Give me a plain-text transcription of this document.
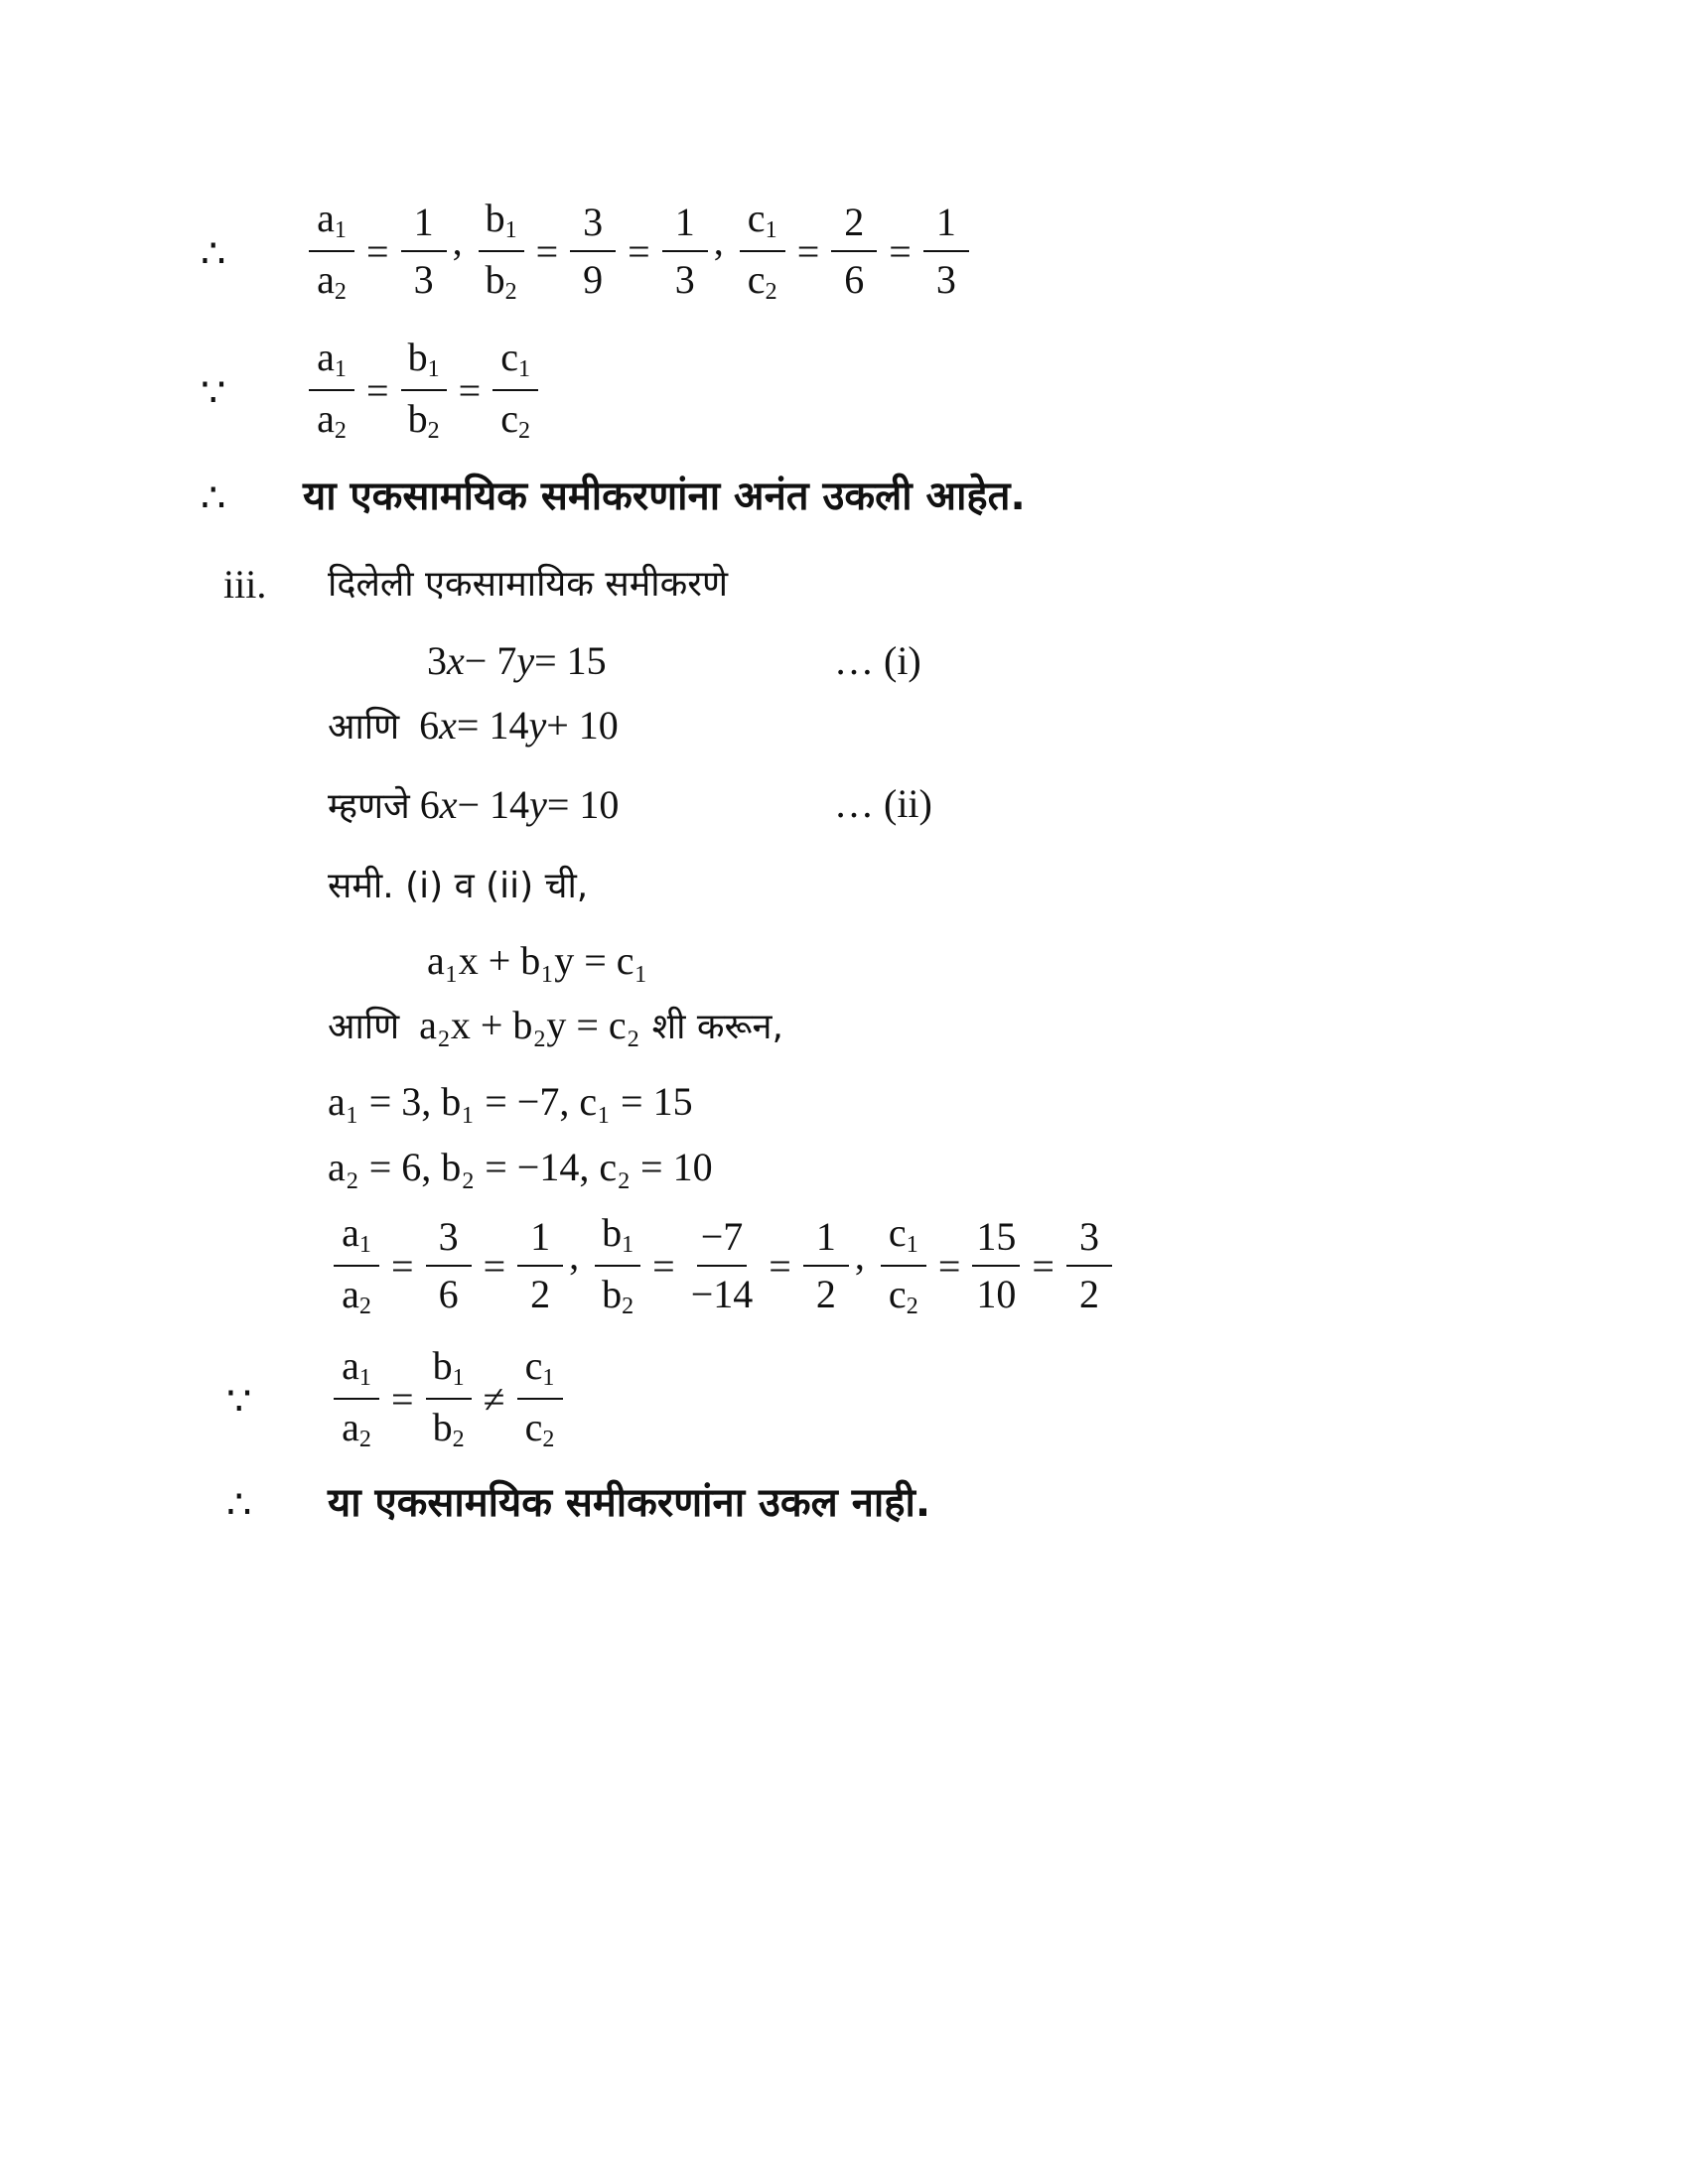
∴ $\frac{a_1}{a_2} = \frac{1}{3}$ , $\frac{b_1}{b_2} = \frac{3}{9} = \frac{1}{3}$ , $\frac{c_1}{c_2} = \frac{2}{6} = \frac{1}{3}$
∵ $\frac{a_1}{a_2} = \frac{b_1}{b_2} = \frac{c_1}{c_2}$
∴ या एकसामयिक समीकरणांना अनंत उकली आहेत.
iii. दिलेली एकसामायिक समीकरणे
3 x − 7 y = 15	… (i)
आणि 6 x = 14 y + 10
म्हणजे 6 x − 14 y = 10	… (ii)
समी. (i) व (ii) ची,
a₁x + b₁y = c₁
आणि a₂x + b₂y = c₂ शी करून,
a₁ = 3, b₁ = −7, c₁ = 15
a₂ = 6, b₂ = −14, c₂ = 10
$\frac{a_1}{a_2} = \frac{3}{6} = \frac{1}{2}$ , $\frac{b_1}{b_2} = \frac{-7}{-14} = \frac{1}{2}$ , $\frac{c_1}{c_2} = \frac{15}{10} = \frac{3}{2}$
∵ $\frac{a_1}{a_2} = \frac{b_1}{b_2} \ne \frac{c_1}{c_2}$
∴ या एकसामयिक समीकरणांना उकल नाही.
